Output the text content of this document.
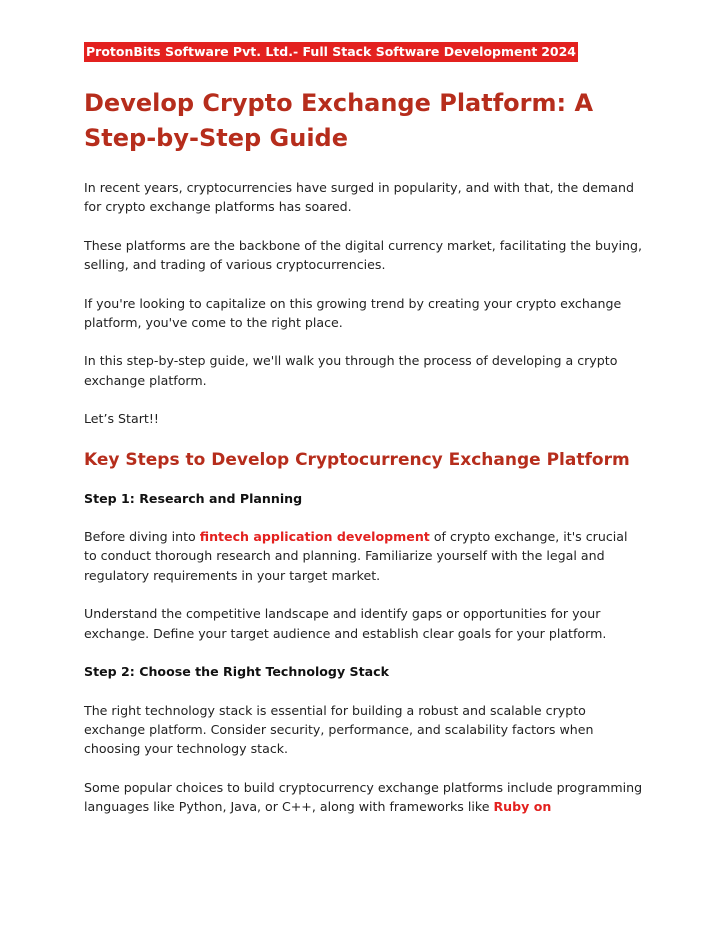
ProtonBits Software Pvt. Ltd.- Full Stack Software Development 2024
Develop Crypto Exchange Platform: A Step-by-Step Guide

In recent years, cryptocurrencies have surged in popularity, and with that, the demand for crypto exchange platforms has soared.

These platforms are the backbone of the digital currency market, facilitating the buying, selling, and trading of various cryptocurrencies.

If you're looking to capitalize on this growing trend by creating your crypto exchange platform, you've come to the right place.

In this step-by-step guide, we'll walk you through the process of developing a crypto exchange platform.

Let’s Start!!

Key Steps to Develop Cryptocurrency Exchange Platform

Step 1: Research and Planning

Before diving into fintech application development of crypto exchange, it's crucial to conduct thorough research and planning. Familiarize yourself with the legal and regulatory requirements in your target market.

Understand the competitive landscape and identify gaps or opportunities for your exchange. Define your target audience and establish clear goals for your platform.

Step 2: Choose the Right Technology Stack

The right technology stack is essential for building a robust and scalable crypto exchange platform. Consider security, performance, and scalability factors when choosing your technology stack.

Some popular choices to build cryptocurrency exchange platforms include programming languages like Python, Java, or C++, along with frameworks like Ruby on
